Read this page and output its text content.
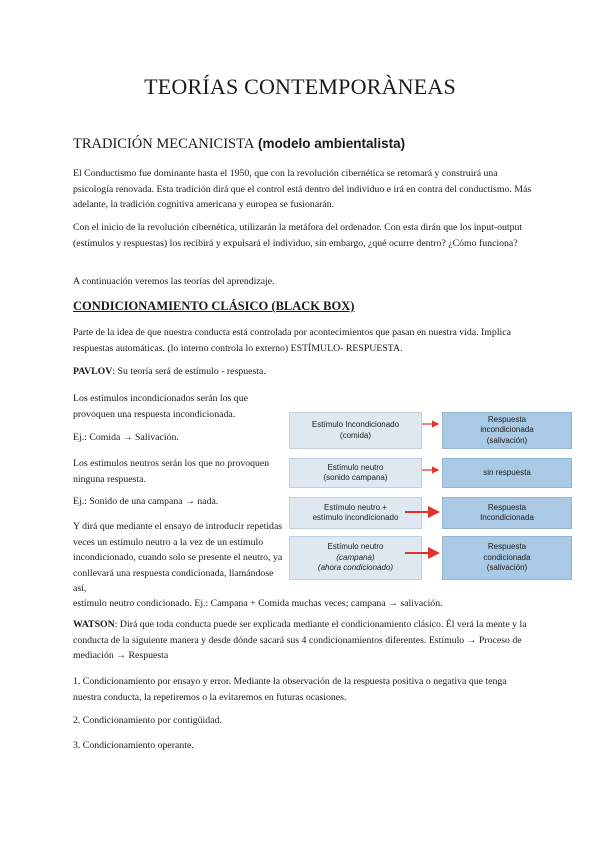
TEORÍAS CONTEMPORÀNEAS
TRADICIÓN MECANICISTA (modelo ambientalista)

El Conductismo fue dominante hasta el 1950, que con la revolución cibernética se retomará y construirá una psicología renovada. Esta tradición dirá que el control está dentro del individuo e irá en contra del conductismo. Más adelante, la tradición cognitiva americana y europea se fusionarán.

Con el inicio de la revolución cibernética, utilizarán la metáfora del ordenador. Con esta dirán que los input-output (estímulos y respuestas) los recibirá y expulsará el individuo, sin embargo, ¿qué ocurre dentro? ¿Cómo funciona?

A continuación veremos las teorías del aprendizaje.

CONDICIONAMIENTO CLÁSICO (BLACK BOX)

Parte de la idea de que nuestra conducta está controlada por acontecimientos que pasan en nuestra vida. Implica respuestas automáticas. (lo interno controla lo externo) ESTÍMULO- RESPUESTA.

PAVLOV: Su teoría será de estímulo - respuesta.

Los estímulos incondicionados serán los que provoquen una respuesta incondicionada.

Ej.: Comida → Salivación.

Los estímulos neutros serán los que no provoquen ninguna respuesta.

Ej.: Sonido de una campana → nada.

Y dirá que mediante el ensayo de introducir repetidas veces un estímulo neutro a la vez de un estímulo incondicionado, cuando solo se presente el neutro, ya conllevará una respuesta condicionada, llamándose así,

estímulo neutro condicionado. Ej.: Campana + Comida muchas veces; campana → salivación.

WATSON: Dirá que toda conducta puede ser explicada mediante el condicionamiento clásico. Él verá la mente y la conducta de la siguiente manera y desde dónde sacará sus 4 condicionamientos diferentes. Estímulo → Proceso de mediación → Respuesta

1. Condicionamiento por ensayo y error. Mediante la observación de la respuesta positiva o negativa que tenga nuestra conducta, la repetiremos o la evitaremos en futuras ocasiones.

2. Condicionamiento por contigüidad.

3. Condicionamiento operante.

Estímulo Incondicionado
(comida)
Respuesta
incondicionada
(salivación)
Estímulo neutro
(sonido campana)
sin respuesta
Estímulo neutro +
estímulo incondicionado
Respuesta
Incondicionada
Estímulo neutro
(campana)
(ahora condicionado)
Respuesta
condicionada
(salivación)
